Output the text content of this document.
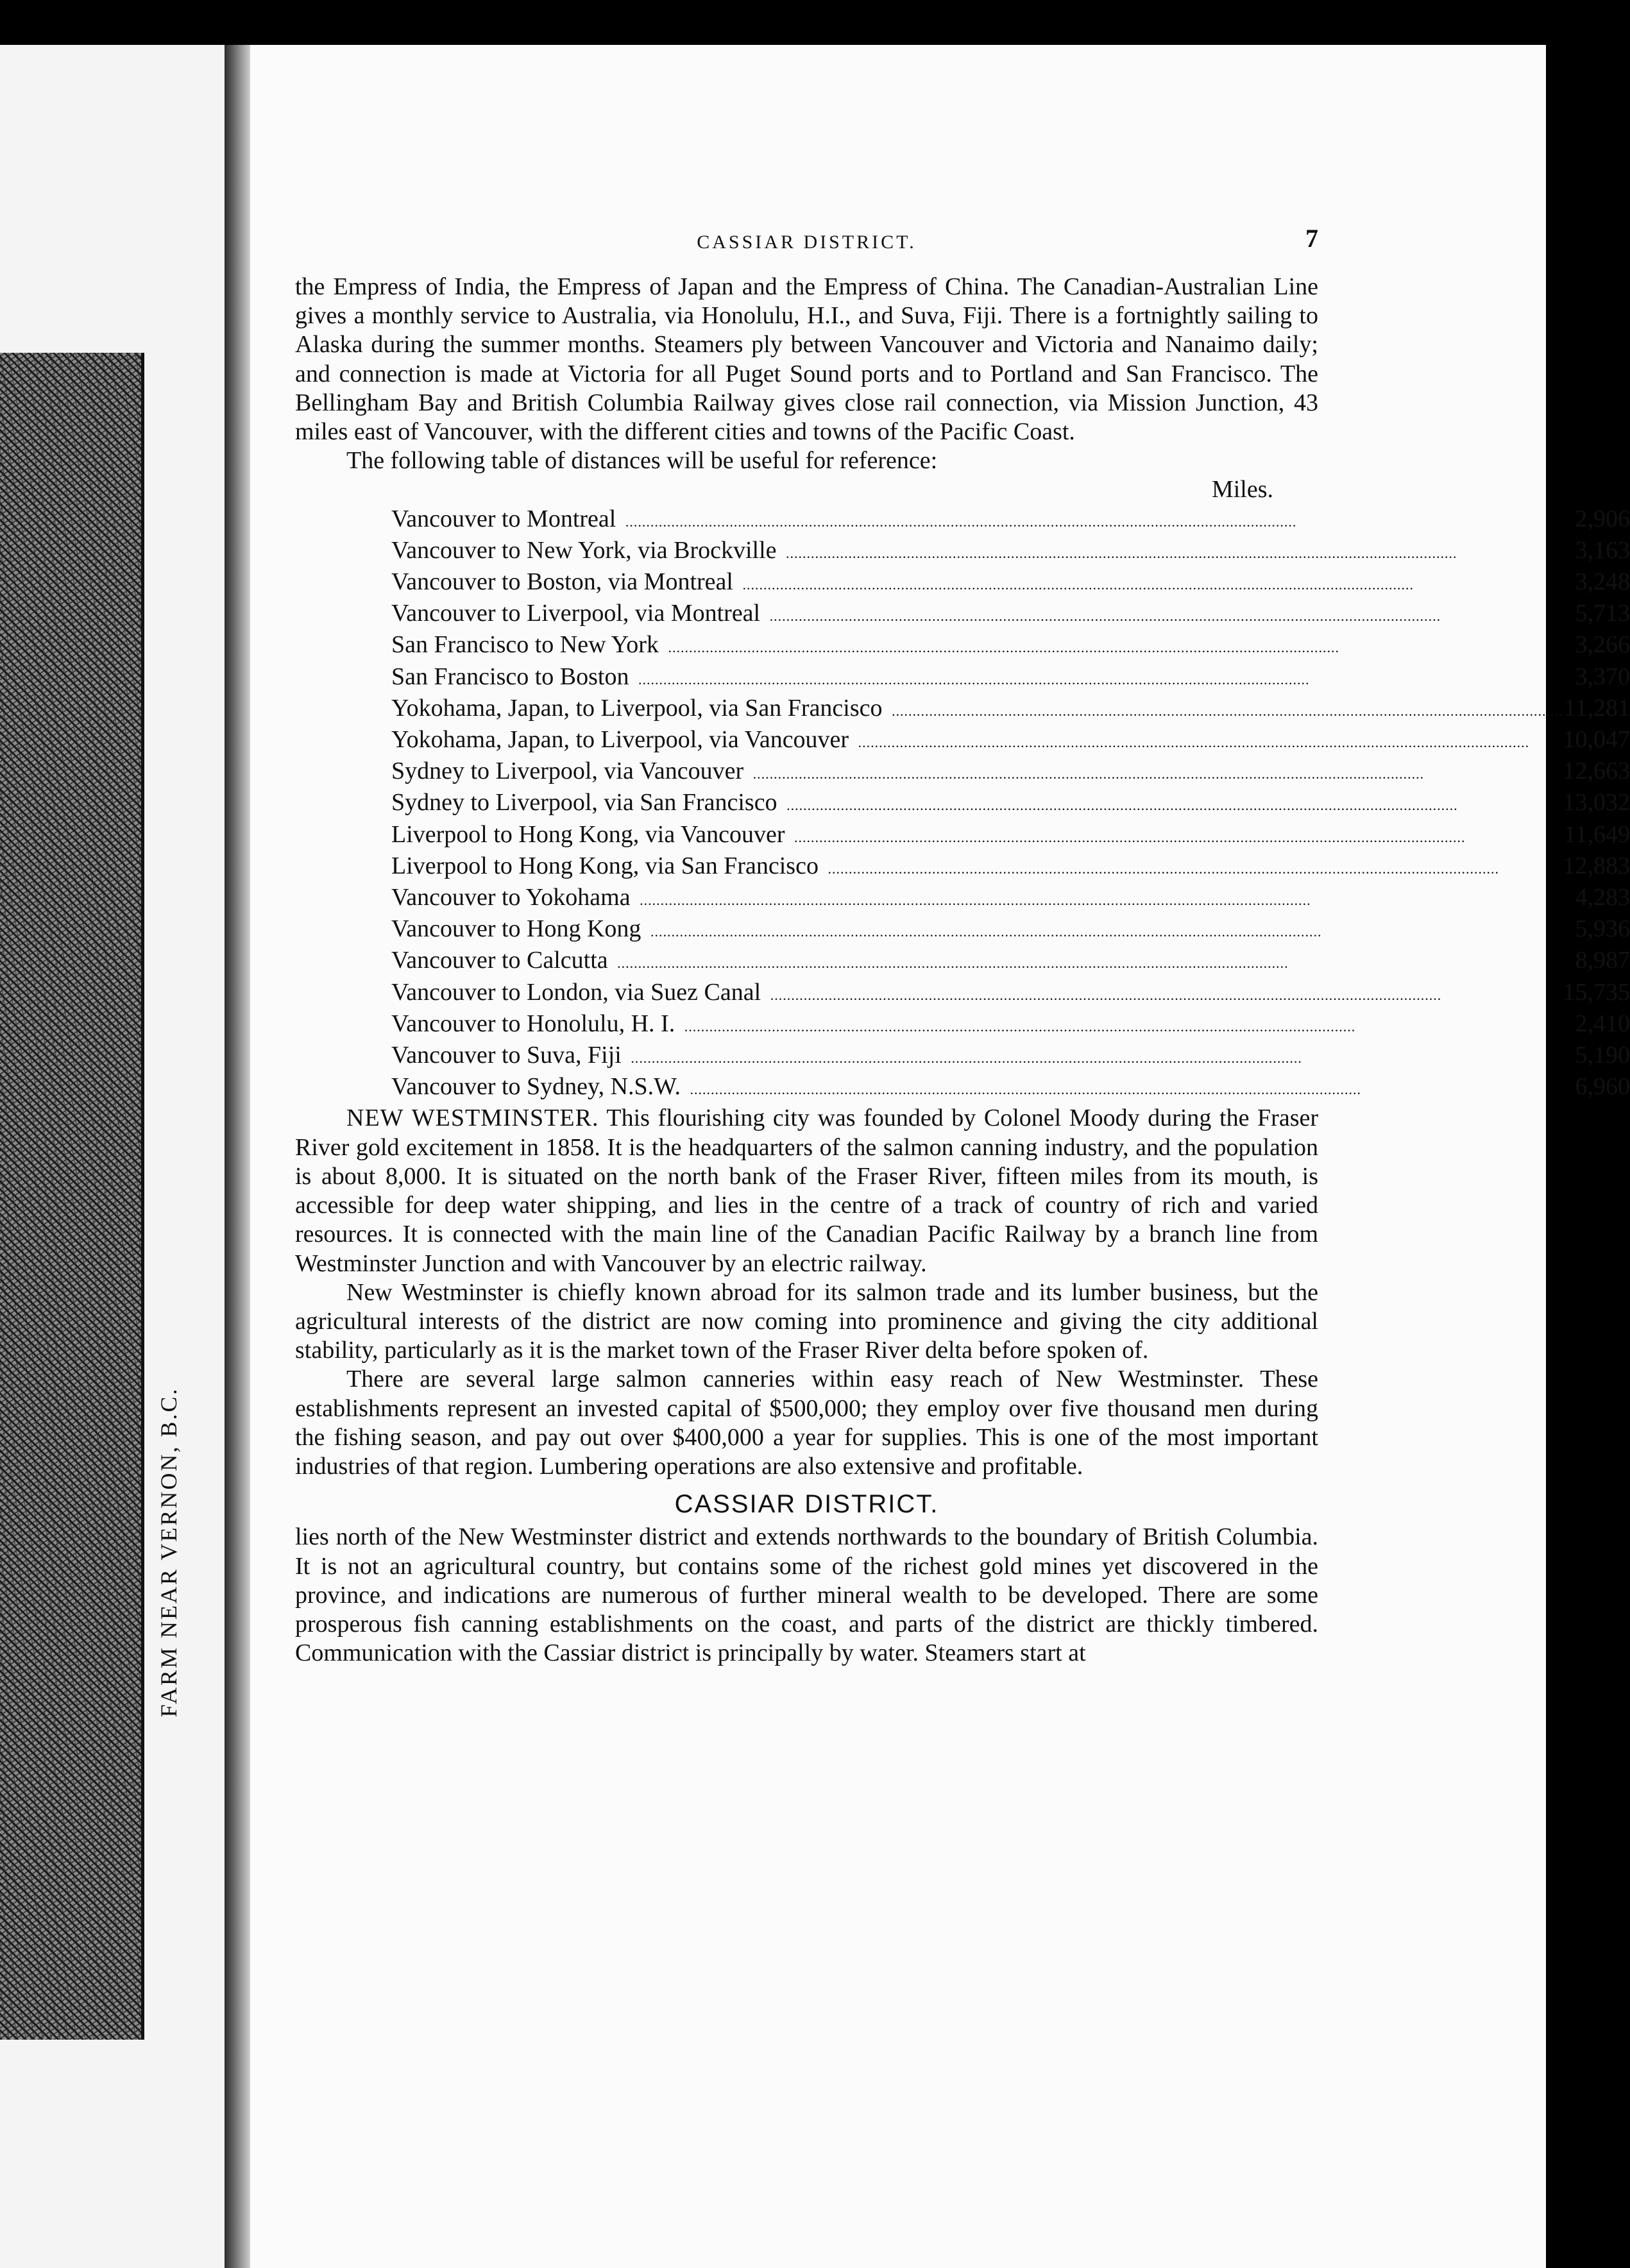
FARM NEAR VERNON, B.C.
CASSIAR DISTRICT.	7

the Empress of India, the Empress of Japan and the Empress of China. The Canadian-Australian Line gives a monthly service to Australia, via Honolulu, H.I., and Suva, Fiji. There is a fortnightly sailing to Alaska during the summer months. Steamers ply between Vancouver and Victoria and Nanaimo daily; and connection is made at Victoria for all Puget Sound ports and to Portland and San Francisco. The Bellingham Bay and British Columbia Railway gives close rail connection, via Mission Junction, 43 miles east of Vancouver, with the different cities and towns of the Pacific Coast.

The following table of distances will be useful for reference:

Miles.
Vancouver to Montreal .....	2,906

Vancouver to New York, via Brockville .....	3,163

Vancouver to Boston, via Montreal .....	3,248

Vancouver to Liverpool, via Montreal .....	5,713

San Francisco to New York .....	3,266

San Francisco to Boston .....	3,370

Yokohama, Japan, to Liverpool, via San Francisco .....	11,281

Yokohama, Japan, to Liverpool, via Vancouver .....	10,047

Sydney to Liverpool, via Vancouver .....	12,663

Sydney to Liverpool, via San Francisco .....	13,032

Liverpool to Hong Kong, via Vancouver .....	11,649

Liverpool to Hong Kong, via San Francisco .....	12,883

Vancouver to Yokohama .....	4,283

Vancouver to Hong Kong .....	5,936

Vancouver to Calcutta .....	8,987

Vancouver to London, via Suez Canal .....	15,735

Vancouver to Honolulu, H. I. .....	2,410

Vancouver to Suva, Fiji .....	5,190

Vancouver to Sydney, N.S.W. .....	6,960

NEW WESTMINSTER. This flourishing city was founded by Colonel Moody during the Fraser River gold excitement in 1858. It is the headquarters of the salmon canning industry, and the population is about 8,000. It is situated on the north bank of the Fraser River, fifteen miles from its mouth, is accessible for deep water shipping, and lies in the centre of a track of country of rich and varied resources. It is connected with the main line of the Canadian Pacific Railway by a branch line from Westminster Junction and with Vancouver by an electric railway.

New Westminster is chiefly known abroad for its salmon trade and its lumber business, but the agricultural interests of the district are now coming into prominence and giving the city additional stability, particularly as it is the market town of the Fraser River delta before spoken of.

There are several large salmon canneries within easy reach of New Westminster. These establishments represent an invested capital of $500,000; they employ over five thousand men during the fishing season, and pay out over $400,000 a year for supplies. This is one of the most important industries of that region. Lumbering operations are also extensive and profitable.

CASSIAR DISTRICT.

lies north of the New Westminster district and extends northwards to the boundary of British Columbia. It is not an agricultural country, but contains some of the richest gold mines yet discovered in the province, and indications are numerous of further mineral wealth to be developed. There are some prosperous fish canning establishments on the coast, and parts of the district are thickly timbered. Communication with the Cassiar district is principally by water. Steamers start at
